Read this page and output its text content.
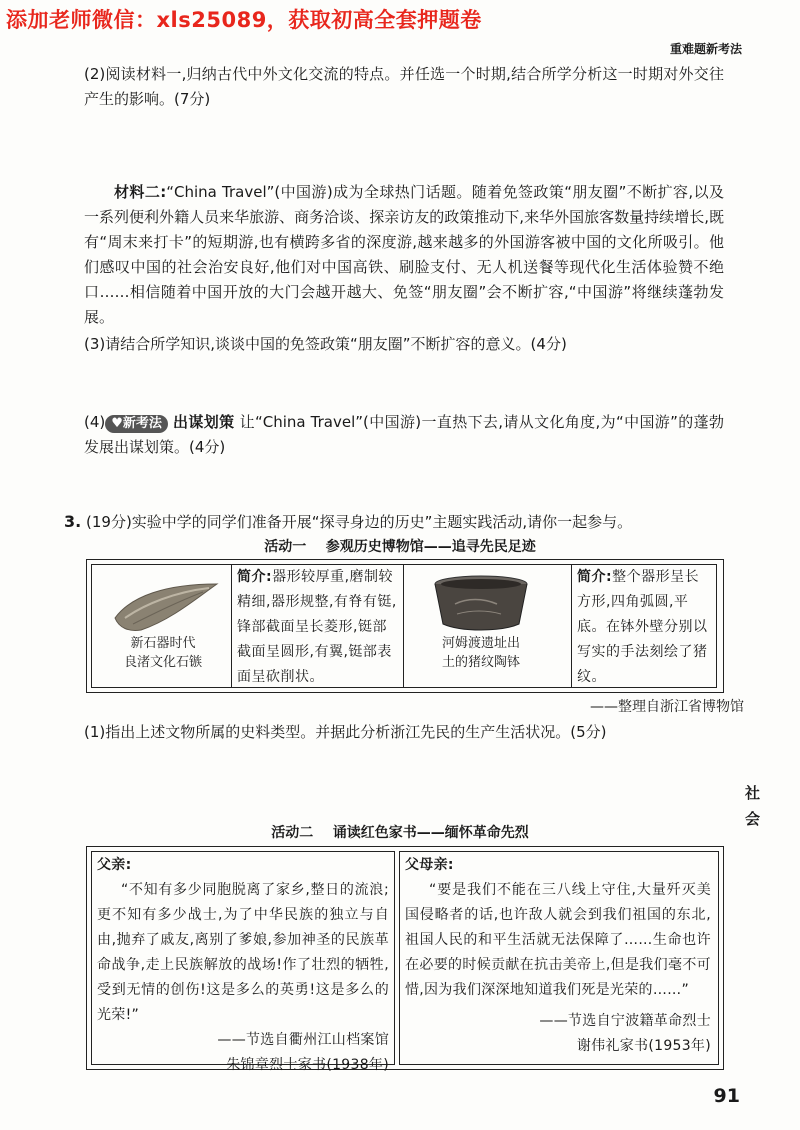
添加老师微信：xls25089，获取初高全套押题卷
重难题新考法
(2)阅读材料一,归纳古代中外文化交流的特点。并任选一个时期,结合所学分析这一时期对外交往产生的影响。(7分)
材料二:“China Travel”(中国游)成为全球热门话题。随着免签政策“朋友圈”不断扩容,以及一系列便利外籍人员来华旅游、商务洽谈、探亲访友的政策推动下,来华外国旅客数量持续增长,既有“周末来打卡”的短期游,也有横跨多省的深度游,越来越多的外国游客被中国的文化所吸引。他们感叹中国的社会治安良好,他们对中国高铁、刷脸支付、无人机送餐等现代化生活体验赞不绝口……相信随着中国开放的大门会越开越大、免签“朋友圈”会不断扩容,“中国游”将继续蓬勃发展。
(3)请结合所学知识,谈谈中国的免签政策“朋友圈”不断扩容的意义。(4分)
(4) ♥新考法 出谋划策 让“China Travel”(中国游)一直热下去,请从文化角度,为“中国游”的蓬勃发展出谋划策。(4分)
3. (19分)实验中学的同学们准备开展“探寻身边的历史”主题实践活动,请你一起参与。
活动一    参观历史博物馆——追寻先民足迹
新石器时代
良渚文化石镞
简介:器形较厚重,磨制较精细,器形规整,有脊有铤,锋部截面呈长菱形,铤部截面呈圆形,有翼,铤部表面呈砍削状。
河姆渡遗址出
土的猪纹陶钵
简介:整个器形呈长方形,四角弧圆,平底。在钵外壁分别以写实的手法刻绘了猪纹。
——整理自浙江省博物馆
(1)指出上述文物所属的史料类型。并据此分析浙江先民的生产生活状况。(5分)
社
会
活动二    诵读红色家书——缅怀革命先烈
父亲:
“不知有多少同胞脱离了家乡,整日的流浪;更不知有多少战士,为了中华民族的独立与自由,抛弃了戚友,离别了爹娘,参加神圣的民族革命战争,走上民族解放的战场!作了壮烈的牺牲,受到无情的创伤!这是多么的英勇!这是多么的光荣!”
——节选自衢州江山档案馆
朱锦章烈士家书(1938年)
父母亲:
“要是我们不能在三八线上守住,大量歼灭美国侵略者的话,也许敌人就会到我们祖国的东北,祖国人民的和平生活就无法保障了……生命也许在必要的时候贡献在抗击美帝上,但是我们毫不可惜,因为我们深深地知道我们死是光荣的……”
——节选自宁波籍革命烈士
谢伟礼家书(1953年)
91
